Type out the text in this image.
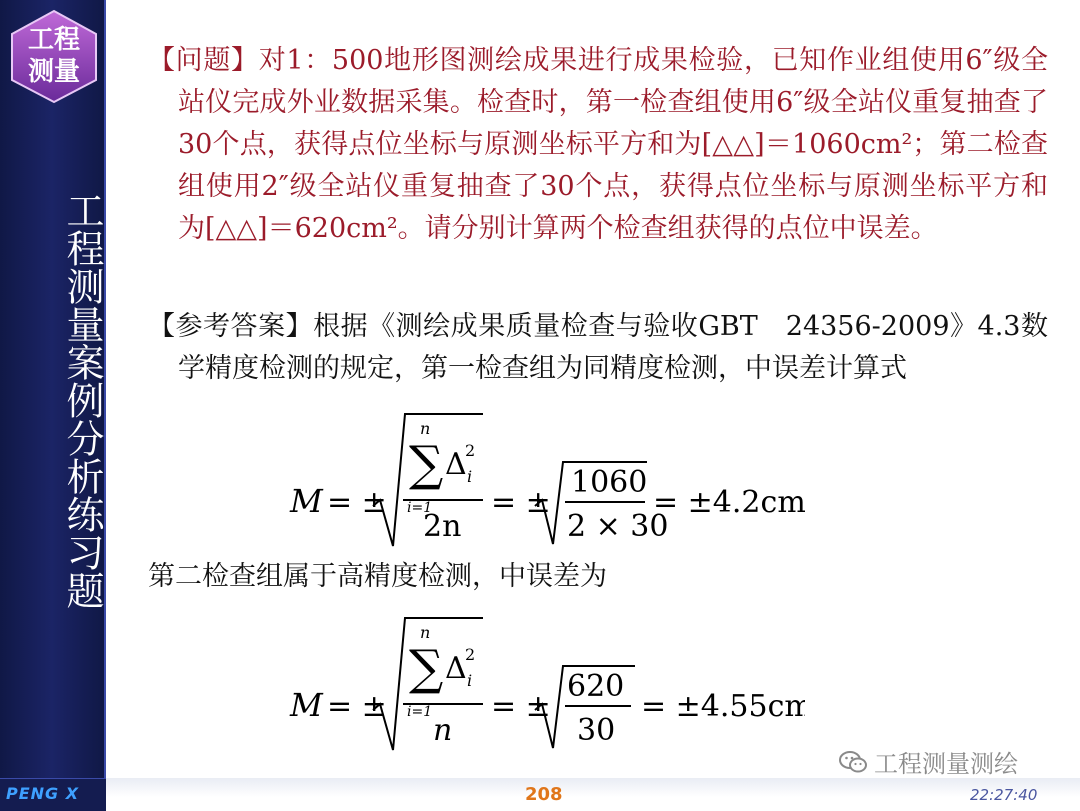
工程
测量
工程测量案例分析练习题
PENG X	208	22:27:40
工程测量测绘

【问题】对1：500地形图测绘成果进行成果检验，已知作业组使用6″级全站仪完成外业数据采集。检查时，第一检查组使用6″级全站仪重复抽查了30个点，获得点位坐标与原测坐标平方和为[△△]＝1060cm²；第二检查组使用2″级全站仪重复抽查了30个点，获得点位坐标与原测坐标平方和为[△△]＝620cm²。请分别计算两个检查组获得的点位中误差。

【参考答案】根据《测绘成果质量检查与验收GBT　24356-2009》4.3数学精度检测的规定，第一检查组为同精度检测，中误差计算式

M = ±
n
∑
i=1
Δ
2
i
2n
= ±
1060
2 × 30
= ±4.2cm

第二检查组属于高精度检测，中误差为

M = ±
n
∑
i=1
Δ
2
i
n
= ±
620
30
= ±4.55cm
